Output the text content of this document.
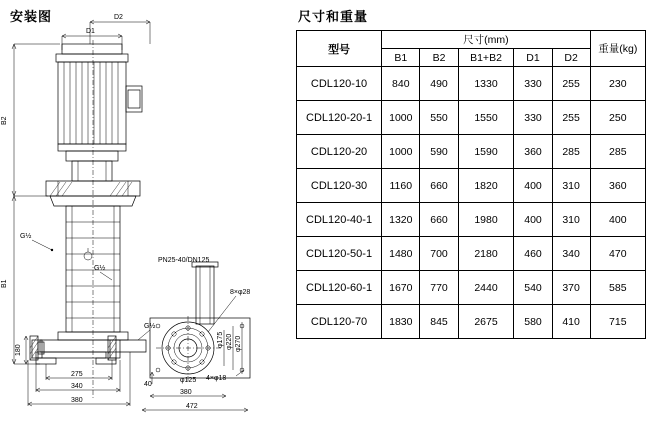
安装图	D2
D1
G½
G½
G½
B2
B1
180
275
340
380
PN25-40/DN125
8×φ28
4×φ18
φ175 φ220 φ270
φ125
40
380
472
尺寸和重量
型号	尺寸(mm)					重量(kg)
	B1	B2	B1+B2	D1	D2	
CDL120-10	840	490	1330	330	255	230
CDL120-20-1	1000	550	1550	330	255	250
CDL120-20	1000	590	1590	360	285	285
CDL120-30	1160	660	1820	400	310	360
CDL120-40-1	1320	660	1980	400	310	400
CDL120-50-1	1480	700	2180	460	340	470
CDL120-60-1	1670	770	2440	540	370	585
CDL120-70	1830	845	2675	580	410	715
